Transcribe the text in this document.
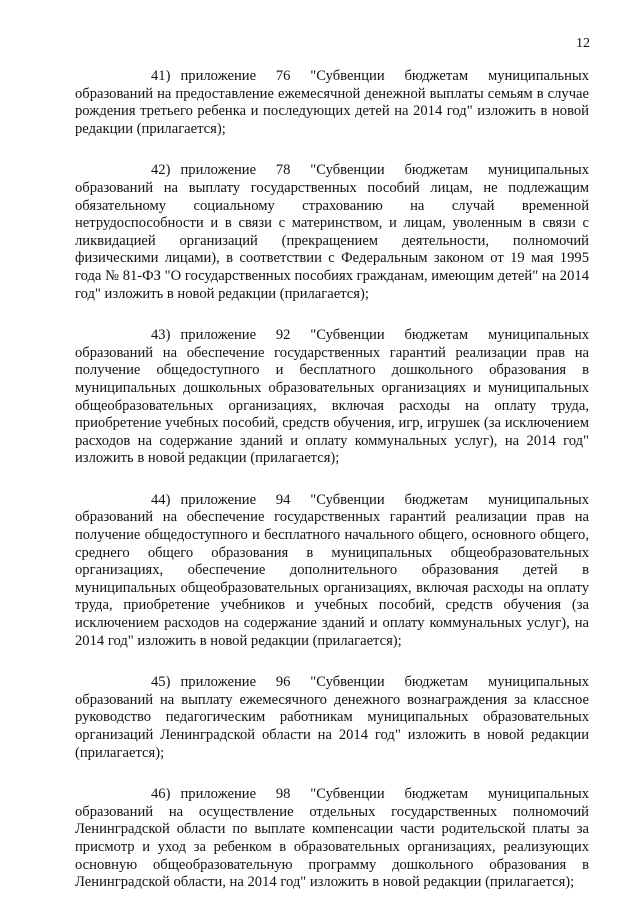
12

41) приложение 76 "Субвенции бюджетам муниципальных образований на предоставление ежемесячной денежной выплаты семьям в случае рождения третьего ребенка и последующих детей на 2014 год" изложить в новой редакции (прилагается);

42) приложение 78 "Субвенции бюджетам муниципальных образований на выплату государственных пособий лицам, не подлежащим обязательному социальному страхованию на случай временной нетрудоспособности и в связи с материнством, и лицам, уволенным в связи с ликвидацией организаций (прекращением деятельности, полномочий физическими лицами), в соответствии с Федеральным законом от 19 мая 1995 года № 81-ФЗ "О государственных пособиях гражданам, имеющим детей" на 2014 год" изложить в новой редакции (прилагается);

43) приложение 92 "Субвенции бюджетам муниципальных образований на обеспечение государственных гарантий реализации прав на получение общедоступного и бесплатного дошкольного образования в муниципальных дошкольных образовательных организациях и муниципальных общеобразовательных организациях, включая расходы на оплату труда, приобретение учебных пособий, средств обучения, игр, игрушек (за исключением расходов на содержание зданий и оплату коммунальных услуг), на 2014 год" изложить в новой редакции (прилагается);

44) приложение 94 "Субвенции бюджетам муниципальных образований на обеспечение государственных гарантий реализации прав на получение общедоступного и бесплатного начального общего, основного общего, среднего общего образования в муниципальных общеобразовательных организациях, обеспечение дополнительного образования детей в муниципальных общеобразовательных организациях, включая расходы на оплату труда, приобретение учебников и учебных пособий, средств обучения (за исключением расходов на содержание зданий и оплату коммунальных услуг), на 2014 год" изложить в новой редакции (прилагается);

45) приложение 96 "Субвенции бюджетам муниципальных образований на выплату ежемесячного денежного вознаграждения за классное руководство педагогическим работникам муниципальных образовательных организаций Ленинградской области на 2014 год" изложить в новой редакции (прилагается);

46) приложение 98 "Субвенции бюджетам муниципальных образований на осуществление отдельных государственных полномочий Ленинградской области по выплате компенсации части родительской платы за присмотр и уход за ребенком в образовательных организациях, реализующих основную общеобразовательную программу дошкольного образования в Ленинградской области, на 2014 год" изложить в новой редакции (прилагается);
